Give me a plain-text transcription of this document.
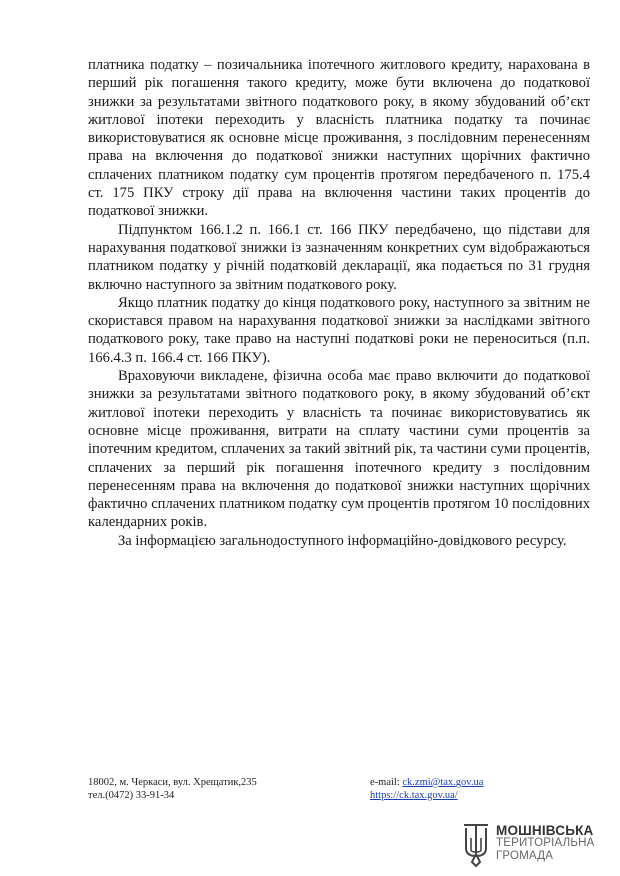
платника податку – позичальника іпотечного житлового кредиту, нарахована в перший рік погашення такого кредиту, може бути включена до податкової знижки за результатами звітного податкового року, в якому збудований об’єкт житлової іпотеки переходить у власність платника податку та починає використовуватися як основне місце проживання, з послідовним перенесенням права на включення до податкової знижки наступних щорічних фактично сплачених платником податку сум процентів протягом передбаченого п. 175.4 ст. 175 ПКУ строку дії права на включення частини таких процентів до податкової знижки.

Підпунктом 166.1.2 п. 166.1 ст. 166 ПКУ передбачено, що підстави для нарахування податкової знижки із зазначенням конкретних сум відображаються платником податку у річній податковій декларації, яка подається по 31 грудня включно наступного за звітним податкового року.

Якщо платник податку до кінця податкового року, наступного за звітним не скористався правом на нарахування податкової знижки за наслідками звітного податкового року, таке право на наступні податкові роки не переноситься (п.п. 166.4.3 п. 166.4 ст. 166 ПКУ).

Враховуючи викладене, фізична особа має право включити до податкової знижки за результатами звітного податкового року, в якому збудований об’єкт житлової іпотеки переходить у власність та починає використовуватись як основне місце проживання, витрати на сплату частини суми процентів за іпотечним кредитом, сплачених за такий звітний рік, та частини суми процентів, сплачених за перший рік погашення іпотечного кредиту з послідовним перенесенням права на включення до податкової знижки наступних щорічних фактично сплачених платником податку сум процентів протягом 10 послідовних календарних років.

За інформацією загальнодоступного інформаційно-довідкового ресурсу.

18002, м. Черкаси, вул. Хрещатик,235
тел.(0472) 33-91-34
e-mail: ck.zmi@tax.gov.ua
https://ck.tax.gov.ua/
МОШНІВСЬКА
ТЕРИТОРІАЛЬНА
ГРОМАДА
